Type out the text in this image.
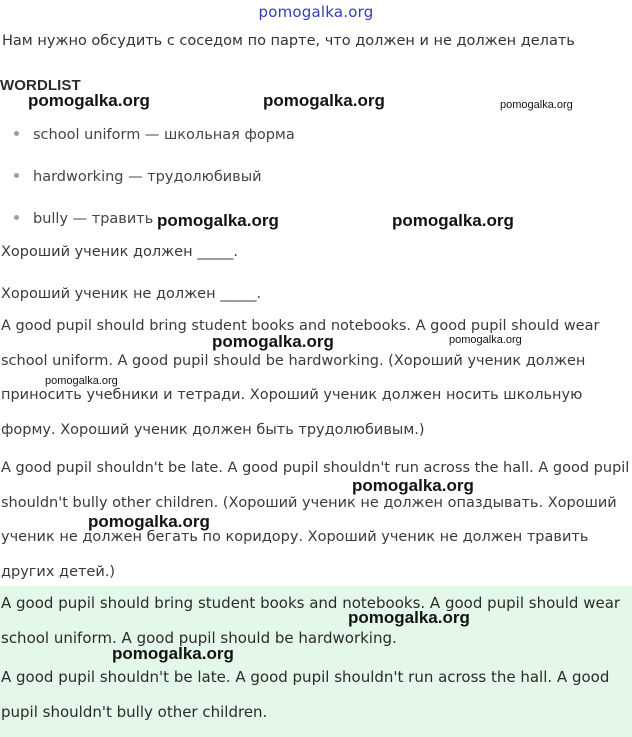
pomogalka.org
Нам нужно обсудить с соседом по парте, что должен и не должен делать
WORDLIST
school uniform — школьная форма
hardworking — трудолюбивый
bully — травить
Хороший ученик должен _____.
Хороший ученик не должен _____.
A good pupil should bring student books and notebooks. A good pupil should wear school uniform. A good pupil should be hardworking. (Хороший ученик должен приносить учебники и тетради. Хороший ученик должен носить школьную форму. Хороший ученик должен быть трудолюбивым.)
A good pupil shouldn't be late. A good pupil shouldn't run across the hall. A good pupil shouldn't bully other children. (Хороший ученик не должен опаздывать. Хороший ученик не должен бегать по коридору. Хороший ученик не должен травить других детей.)

A good pupil should bring student books and notebooks. A good pupil should wear school uniform. A good pupil should be hardworking.

A good pupil shouldn't be late. A good pupil shouldn't run across the hall. A good pupil shouldn't bully other children.

pomogalka.org	pomogalka.org	pomogalka.org
pomogalka.org	pomogalka.org
pomogalka.org	pomogalka.org
pomogalka.org
pomogalka.org
pomogalka.org
pomogalka.org
pomogalka.org
